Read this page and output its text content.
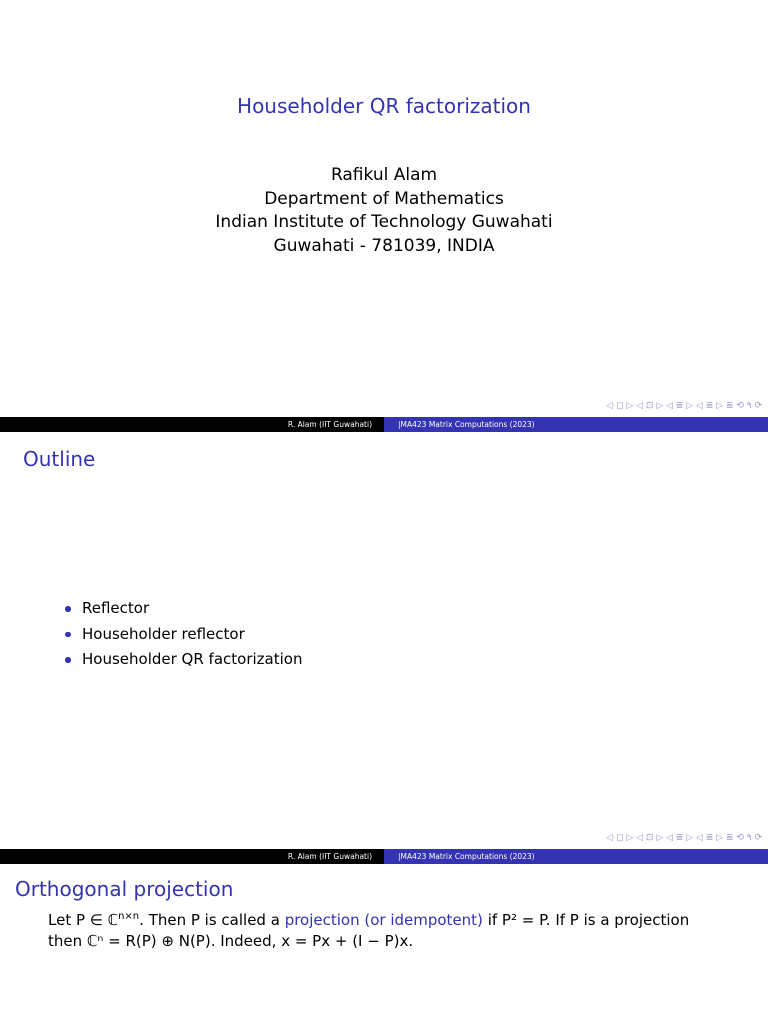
Householder QR factorization
Rafikul Alam
Department of Mathematics
Indian Institute of Technology Guwahati
Guwahati - 781039, INDIA
◁ ◻ ▷ ◁ ⊡ ▷ ◁ ≣ ▷ ◁ ≣ ▷ ≣ ⟲ ۹ ⟳
R. Alam (IIT Guwahati)	|MA423 Matrix Computations (2023)
Outline
Reflector
Householder reflector
Householder QR factorization
◁ ◻ ▷ ◁ ⊡ ▷ ◁ ≣ ▷ ◁ ≣ ▷ ≣ ⟲ ۹ ⟳
R. Alam (IIT Guwahati)	|MA423 Matrix Computations (2023)
Orthogonal projection
Let P ∈ ℂ$^{n\times n}$. Then P is called a projection (or idempotent) if P² = P. If P is a projection
then ℂⁿ = R(P) ⊕ N(P). Indeed, x = Px + (I − P)x.
